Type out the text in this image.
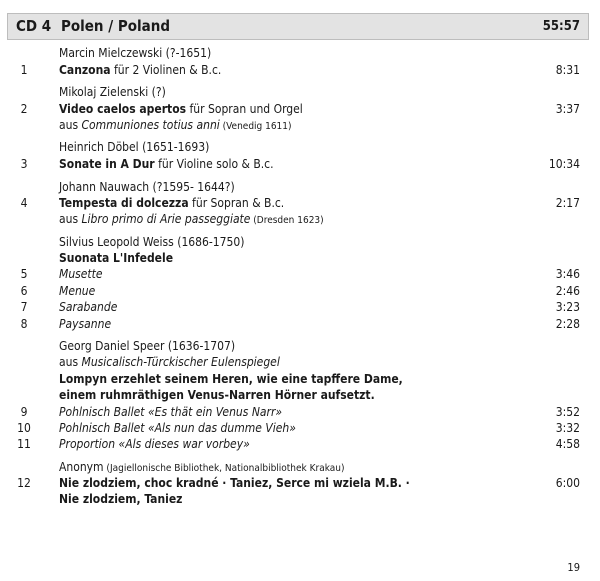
CD 4 Polen / Poland	55:57
Marcin Mielczewski (?-1651)
1	Canzona für 2 Violinen & B.c.	8:31
Mikolaj Zielenski (?)
2	Video caelos apertos für Sopran und Orgel	3:37
aus Communiones totius anni (Venedig 1611)
Heinrich Döbel (1651-1693)
3	Sonate in A Dur für Violine solo & B.c.	10:34
Johann Nauwach (?1595- 1644?)
4	Tempesta di dolcezza für Sopran & B.c.	2:17
aus Libro primo di Arie passeggiate (Dresden 1623)
Silvius Leopold Weiss (1686-1750)
Suonata L'Infedele
5	Musette	3:46
6	Menue	2:46
7	Sarabande	3:23
8	Paysanne	2:28
Georg Daniel Speer (1636-1707)
aus Musicalisch-Türckischer Eulenspiegel
Lompyn erzehlet seinem Heren, wie eine tapffere Dame,
einem ruhmräthigen Venus-Narren Hörner aufsetzt.
9	Pohlnisch Ballet «Es thät ein Venus Narr»	3:52
10 Pohlnisch Ballet «Als nun das dumme Vieh»	3:32
11 Proportion «Als dieses war vorbey»	4:58
Anonym (Jagiellonische Bibliothek, Nationalbibliothek Krakau)
12 Nie zlodziem, choc kradné · Taniez, Serce mi wziela M.B. ·	6:00
Nie zlodziem, Taniez
19
